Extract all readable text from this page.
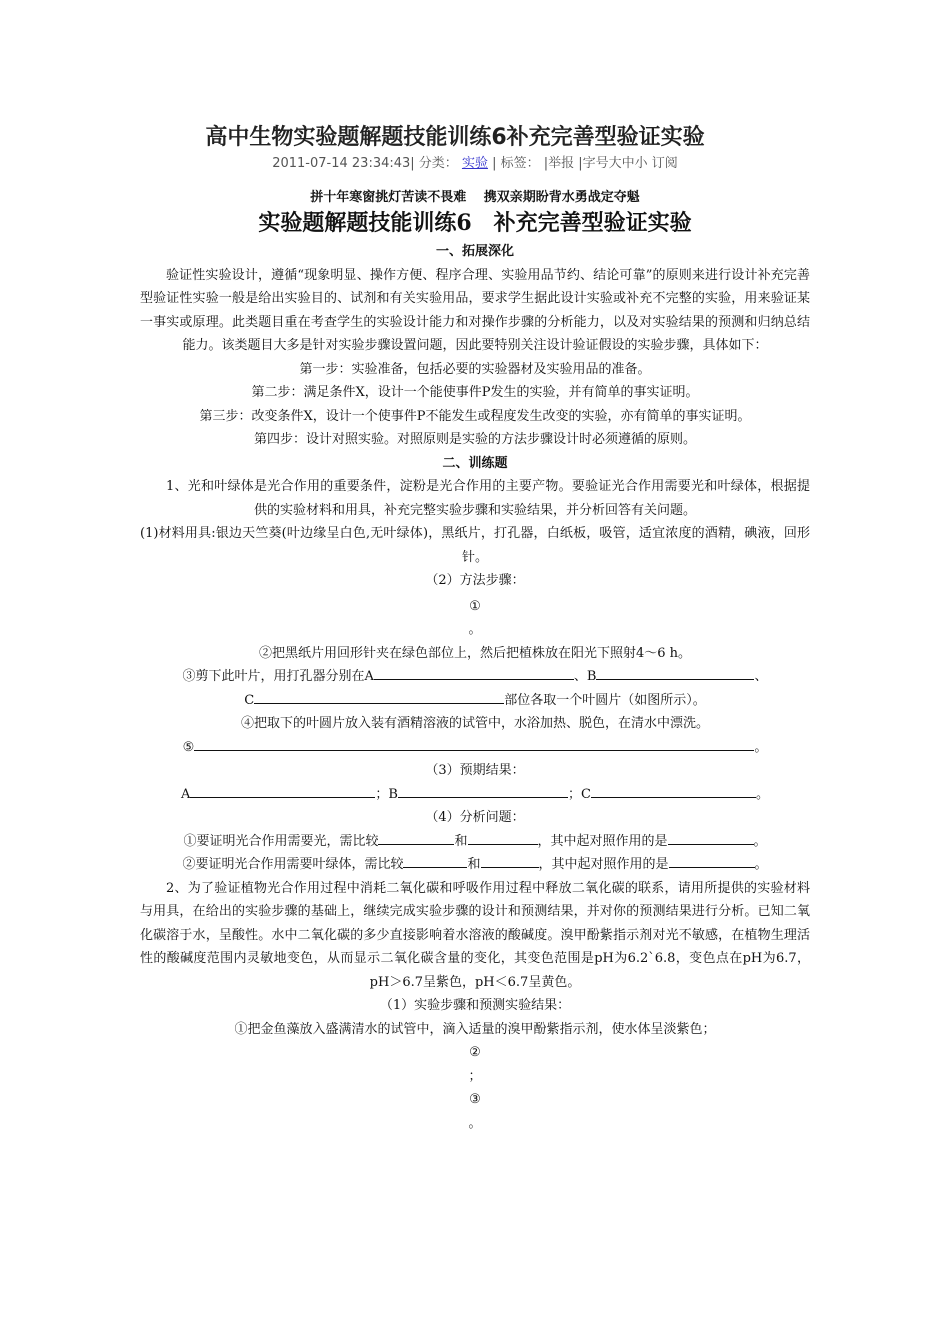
高中生物实验题解题技能训练6补充完善型验证实验
2011-07-14 23:34:43| 分类： 实验 | 标签： |举报 |字号大中小 订阅
拼十年寒窗挑灯苦读不畏难　 携双亲期盼背水勇战定夺魁
实验题解题技能训练6　补充完善型验证实验

一、拓展深化

验证性实验设计，遵循“现象明显、操作方便、程序合理、实验用品节约、结论可靠”的原则来进行设计补充完善型验证性实验一般是给出实验目的、试剂和有关实验用品，要求学生据此设计实验或补充不完整的实验，用来验证某一事实或原理。此类题目重在考查学生的实验设计能力和对操作步骤的分析能力，以及对实验结果的预测和归纳总结能力。该类题目大多是针对实验步骤设置问题，因此要特别关注设计验证假设的实验步骤，具体如下：

第一步：实验准备，包括必要的实验器材及实验用品的准备。

第二步：满足条件X，设计一个能使事件P发生的实验，并有简单的事实证明。

第三步：改变条件X，设计一个使事件P不能发生或程度发生改变的实验，亦有简单的事实证明。

第四步：设计对照实验。对照原则是实验的方法步骤设计时必须遵循的原则。

二、训练题

1、光和叶绿体是光合作用的重要条件，淀粉是光合作用的主要产物。要验证光合作用需要光和叶绿体，根据提供的实验材料和用具，补充完整实验步骤和实验结果，并分析回答有关问题。

(1)材料用具:银边天竺葵(叶边缘呈白色,无叶绿体)，黑纸片，打孔器，白纸板，吸管，适宜浓度的酒精，碘液，回形针。

（2）方法步骤：

①

。

②把黑纸片用回形针夹在绿色部位上，然后把植株放在阳光下照射4～6 h。

③剪下此叶片，用打孔器分别在A	、B	、

C	部位各取一个叶圆片（如图所示）。

④把取下的叶圆片放入装有酒精溶液的试管中，水浴加热、脱色，在清水中漂洗。

⑤	。

（3）预期结果：

A	；B	；C	。

（4）分析问题：

①要证明光合作用需要光，需比较	和	，其中起对照作用的是	。

②要证明光合作用需要叶绿体，需比较	和	，其中起对照作用的是	。

2、为了验证植物光合作用过程中消耗二氧化碳和呼吸作用过程中释放二氧化碳的联系，请用所提供的实验材料与用具，在给出的实验步骤的基础上，继续完成实验步骤的设计和预测结果，并对你的预测结果进行分析。已知二氧化碳溶于水，呈酸性。水中二氧化碳的多少直接影响着水溶液的酸碱度。溴甲酚紫指示剂对光不敏感，在植物生理活性的酸碱度范围内灵敏地变色，从而显示二氧化碳含量的变化，其变色范围是pH为6.2`6.8，变色点在pH为6.7，pH＞6.7呈紫色，pH＜6.7呈黄色。

（1）实验步骤和预测实验结果：

①把金鱼藻放入盛满清水的试管中，滴入适量的溴甲酚紫指示剂，使水体呈淡紫色；

②

；

③

。
